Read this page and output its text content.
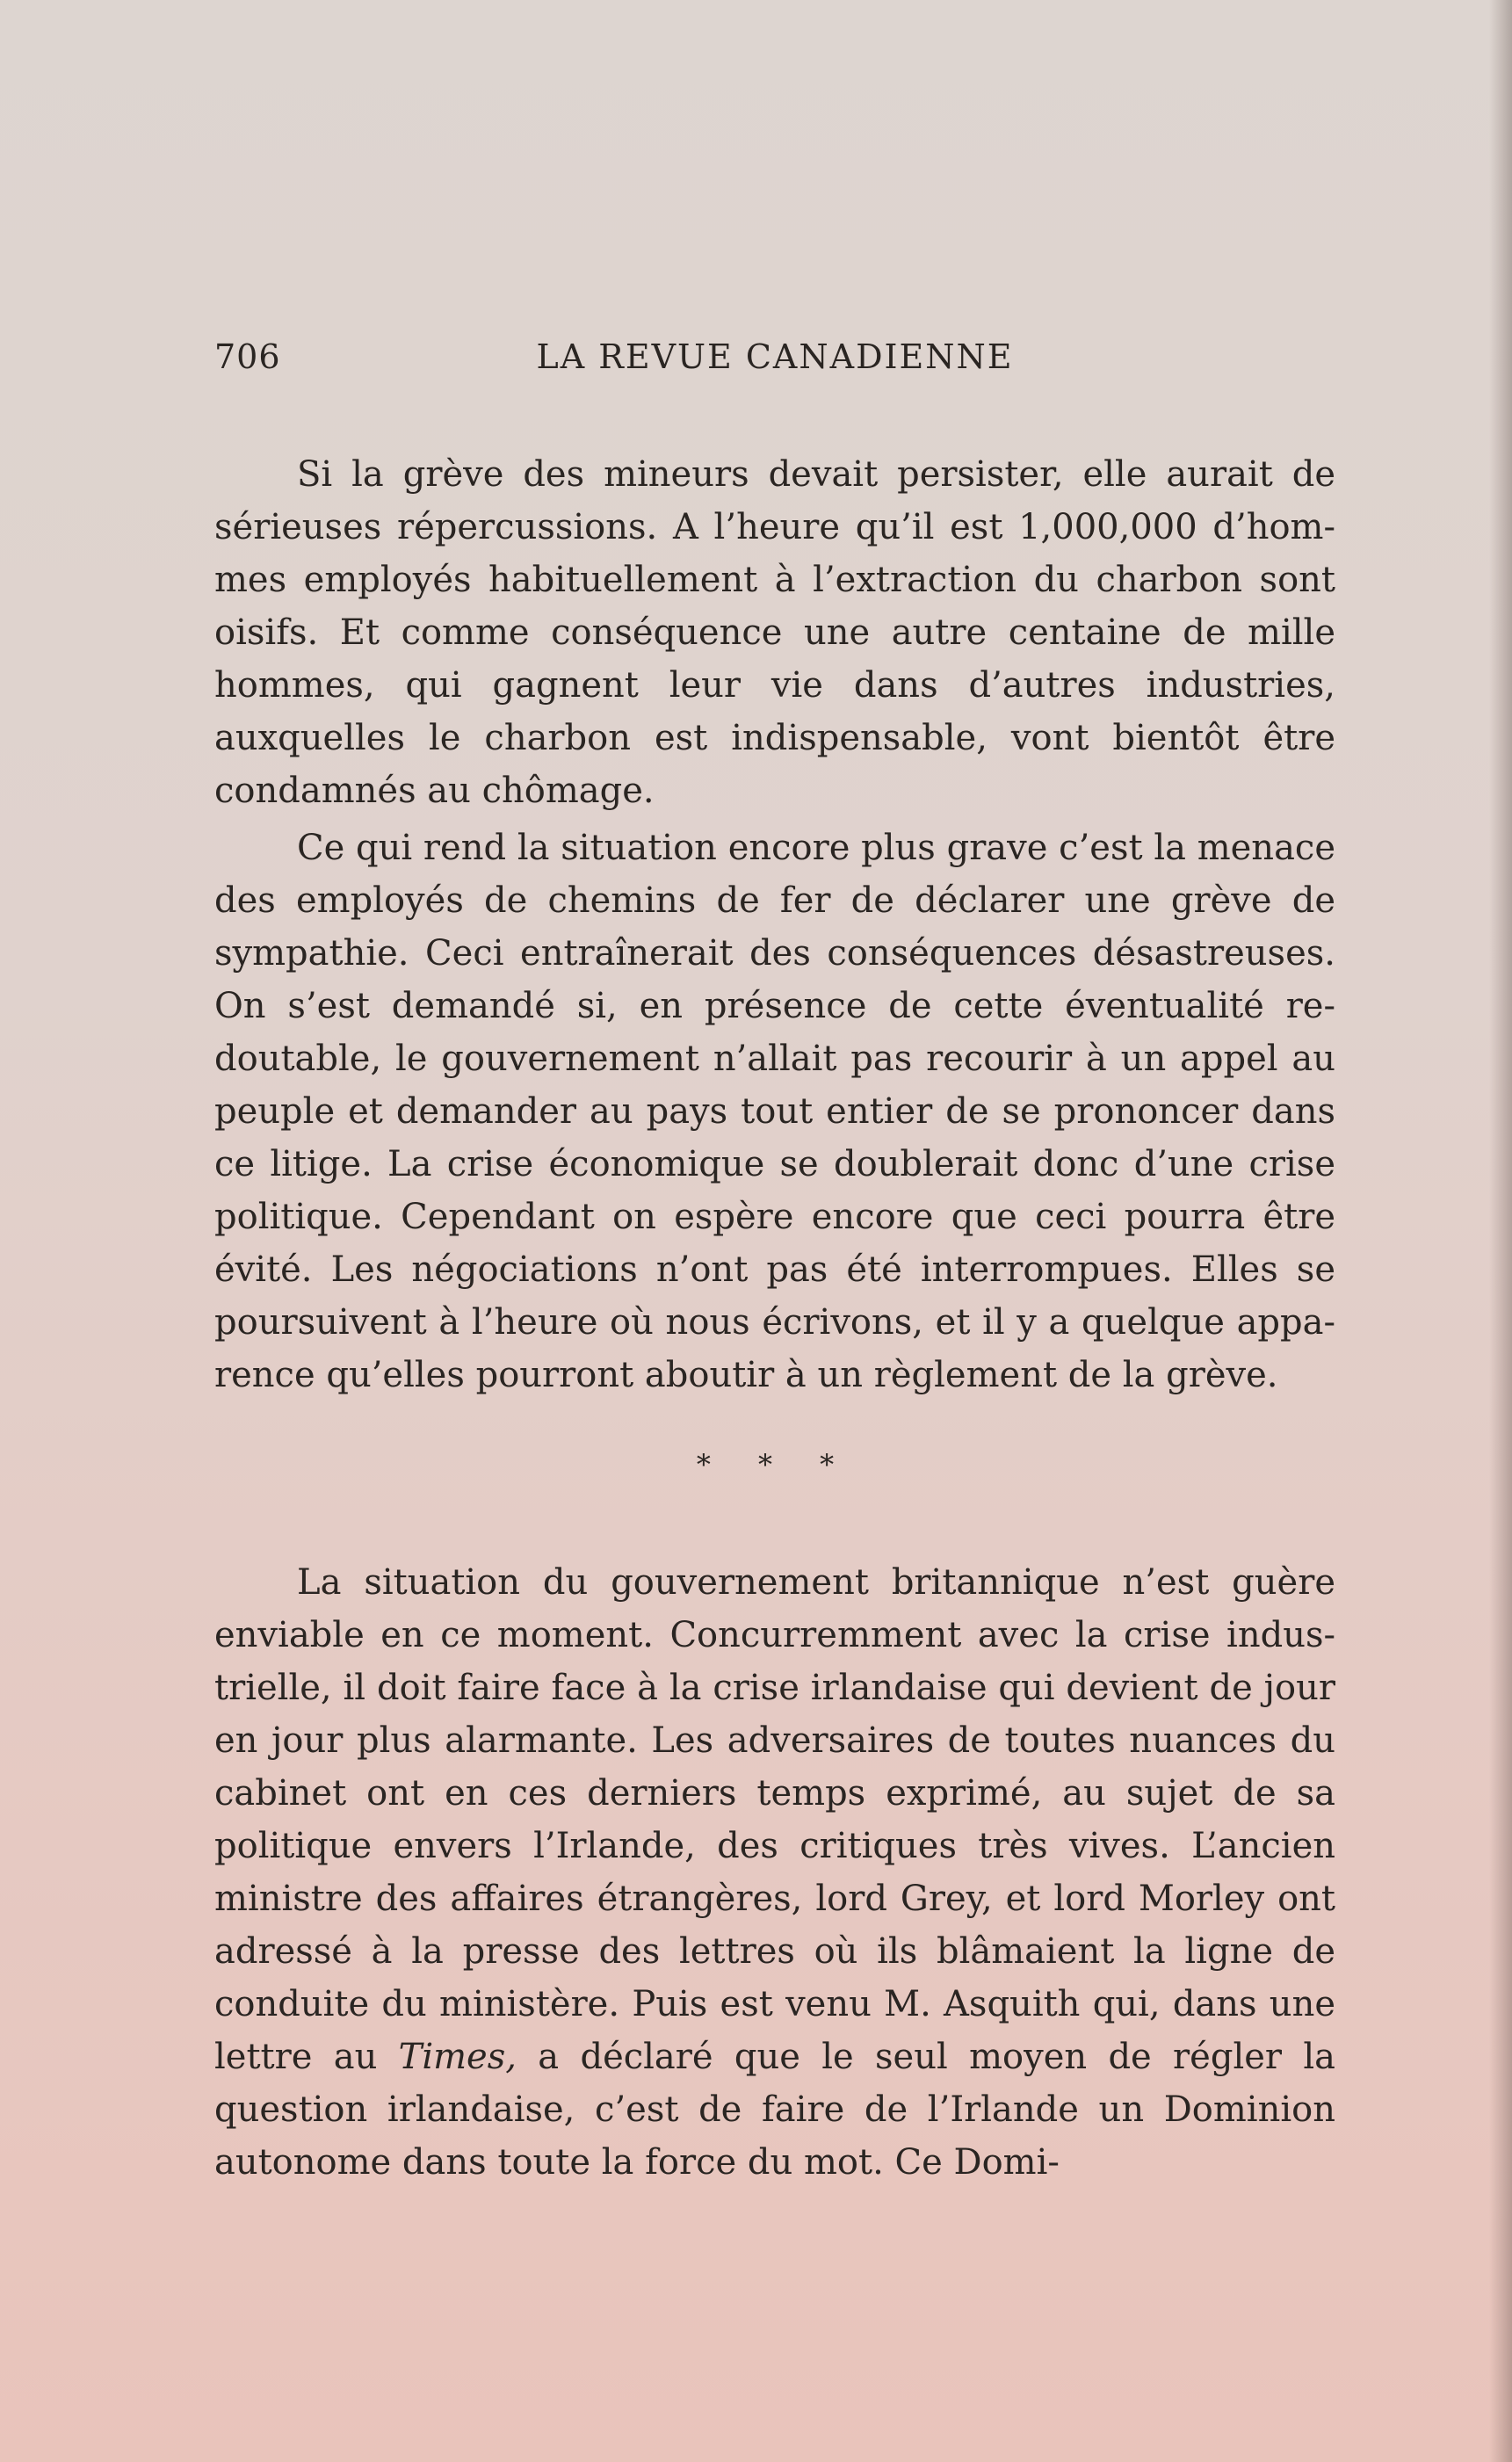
706	LA REVUE CANADIENNE

Si la grève des mineurs devait persister, elle aurait de sérieuses répercussions. A l’heure qu’il est 1,000,000 d’hommes employés habituellement à l’extraction du charbon sont oisifs. Et comme conséquence une autre centaine de mille hommes, qui gagnent leur vie dans d’autres industries, auxquelles le charbon est indispensable, vont bientôt être condamnés au chômage.

Ce qui rend la situation encore plus grave c’est la menace des employés de chemins de fer de déclarer une grève de sympathie. Ceci entraînerait des conséquences désastreuses. On s’est demandé si, en présence de cette éventualité redoutable, le gouvernement n’allait pas recourir à un appel au peuple et demander au pays tout entier de se prononcer dans ce litige. La crise économique se doublerait donc d’une crise politique. Cependant on espère encore que ceci pourra être évité. Les négociations n’ont pas été interrompues. Elles se poursuivent à l’heure où nous écrivons, et il y a quelque apparence qu’elles pourront aboutir à un règlement de la grève.

* * *

La situation du gouvernement britannique n’est guère enviable en ce moment. Concurremment avec la crise industrielle, il doit faire face à la crise irlandaise qui devient de jour en jour plus alarmante. Les adversaires de toutes nuances du cabinet ont en ces derniers temps exprimé, au sujet de sa politique envers l’Irlande, des critiques très vives. L’ancien ministre des affaires étrangères, lord Grey, et lord Morley ont adressé à la presse des lettres où ils blâmaient la ligne de conduite du ministère. Puis est venu M. Asquith qui, dans une lettre au Times, a déclaré que le seul moyen de régler la question irlandaise, c’est de faire de l’Irlande un Dominion autonome dans toute la force du mot. Ce Domi-
